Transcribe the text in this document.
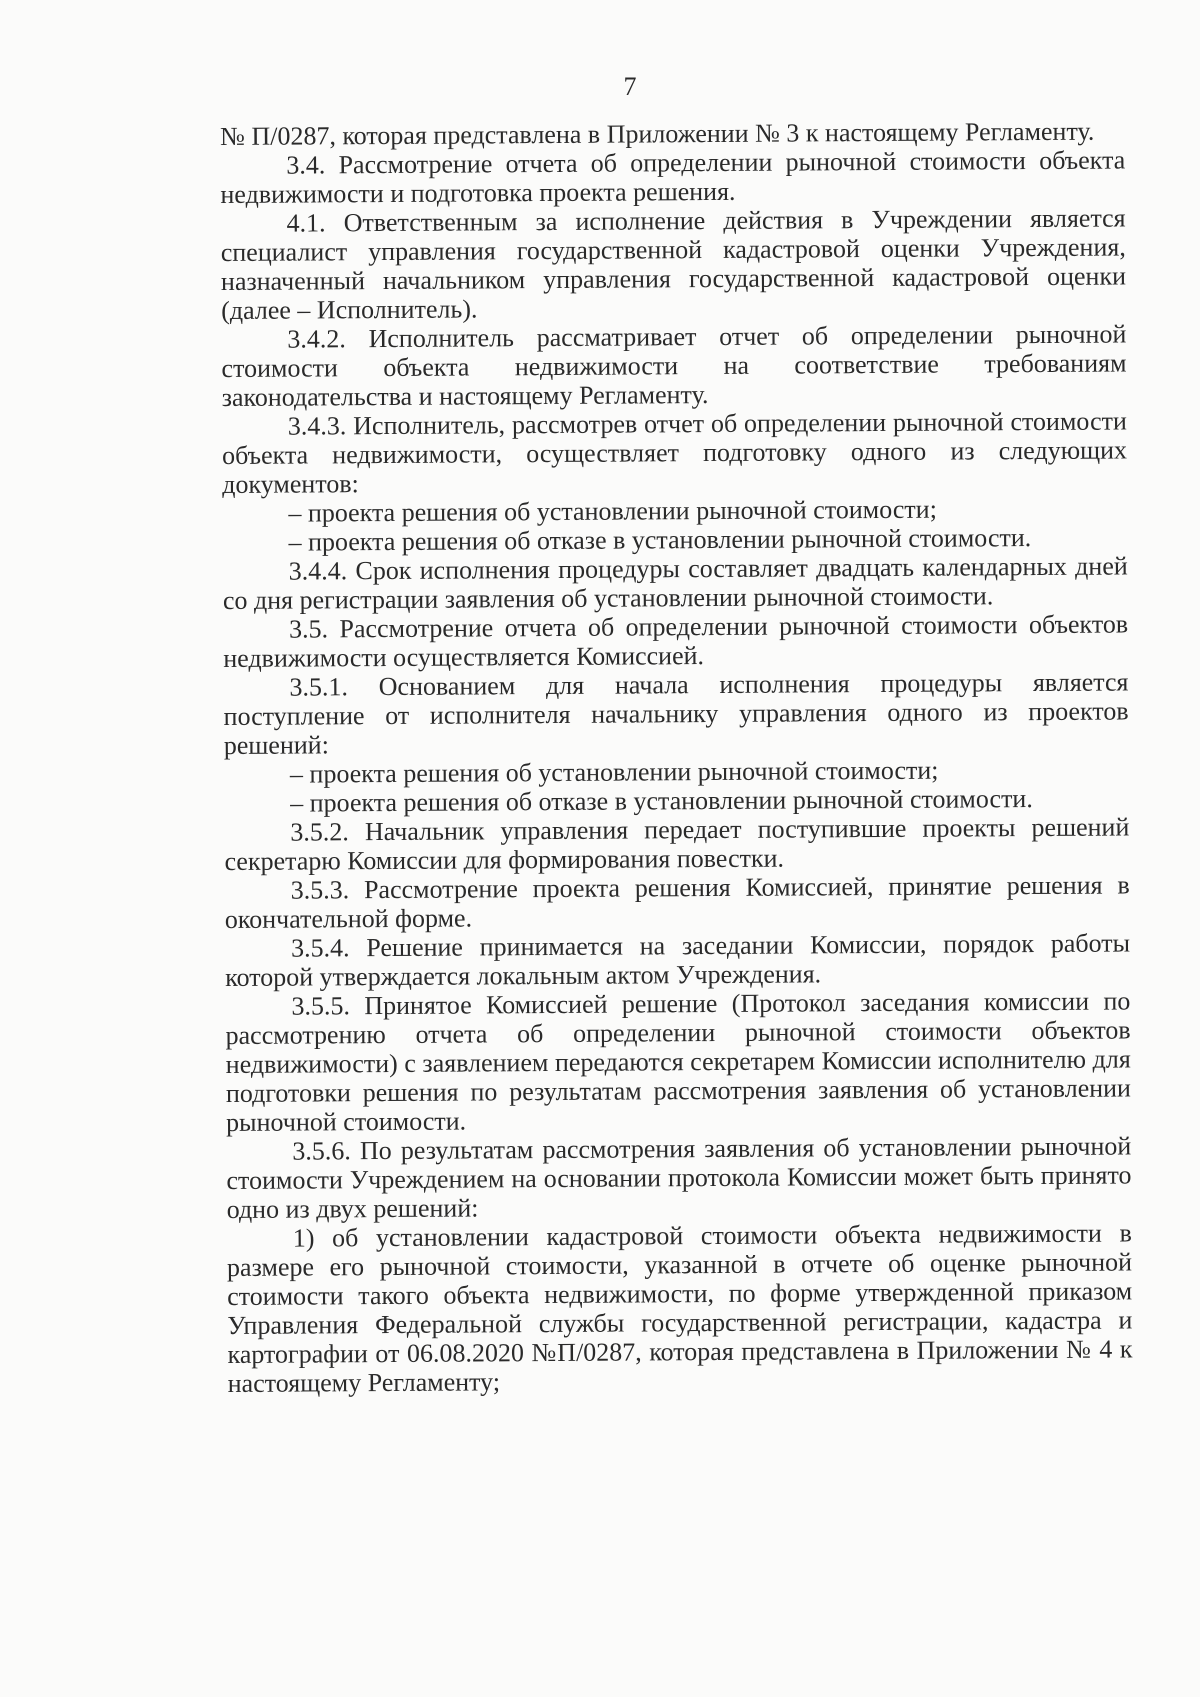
7

№ П/0287, которая представлена в Приложении № 3 к настоящему Регламенту.

3.4. Рассмотрение отчета об определении рыночной стоимости объекта недвижимости и подготовка проекта решения.

4.1. Ответственным за исполнение действия в Учреждении является специалист управления государственной кадастровой оценки Учреждения, назначенный начальником управления государственной кадастровой оценки (далее – Исполнитель).

3.4.2. Исполнитель рассматривает отчет об определении рыночной стоимости объекта недвижимости на соответствие требованиям законодательства и настоящему Регламенту.

3.4.3. Исполнитель, рассмотрев отчет об определении рыночной стоимости объекта недвижимости, осуществляет подготовку одного из следующих документов:

– проекта решения об установлении рыночной стоимости;

– проекта решения об отказе в установлении рыночной стоимости.

3.4.4. Срок исполнения процедуры составляет двадцать календарных дней со дня регистрации заявления об установлении рыночной стоимости.

3.5. Рассмотрение отчета об определении рыночной стоимости объектов недвижимости осуществляется Комиссией.

3.5.1. Основанием для начала исполнения процедуры является поступление от исполнителя начальнику управления одного из проектов решений:

– проекта решения об установлении рыночной стоимости;

– проекта решения об отказе в установлении рыночной стоимости.

3.5.2. Начальник управления передает поступившие проекты решений секретарю Комиссии для формирования повестки.

3.5.3. Рассмотрение проекта решения Комиссией, принятие решения в окончательной форме.

3.5.4. Решение принимается на заседании Комиссии, порядок работы которой утверждается локальным актом Учреждения.

3.5.5. Принятое Комиссией решение (Протокол заседания комиссии по рассмотрению отчета об определении рыночной стоимости объектов недвижимости) с заявлением передаются секретарем Комиссии исполнителю для подготовки решения по результатам рассмотрения заявления об установлении рыночной стоимости.

3.5.6. По результатам рассмотрения заявления об установлении рыночной стоимости Учреждением на основании протокола Комиссии может быть принято одно из двух решений:

1) об установлении кадастровой стоимости объекта недвижимости в размере его рыночной стоимости, указанной в отчете об оценке рыночной стоимости такого объекта недвижимости, по форме утвержденной приказом Управления Федеральной службы государственной регистрации, кадастра и картографии от 06.08.2020 №П/0287, которая представлена в Приложении № 4 к настоящему Регламенту;
